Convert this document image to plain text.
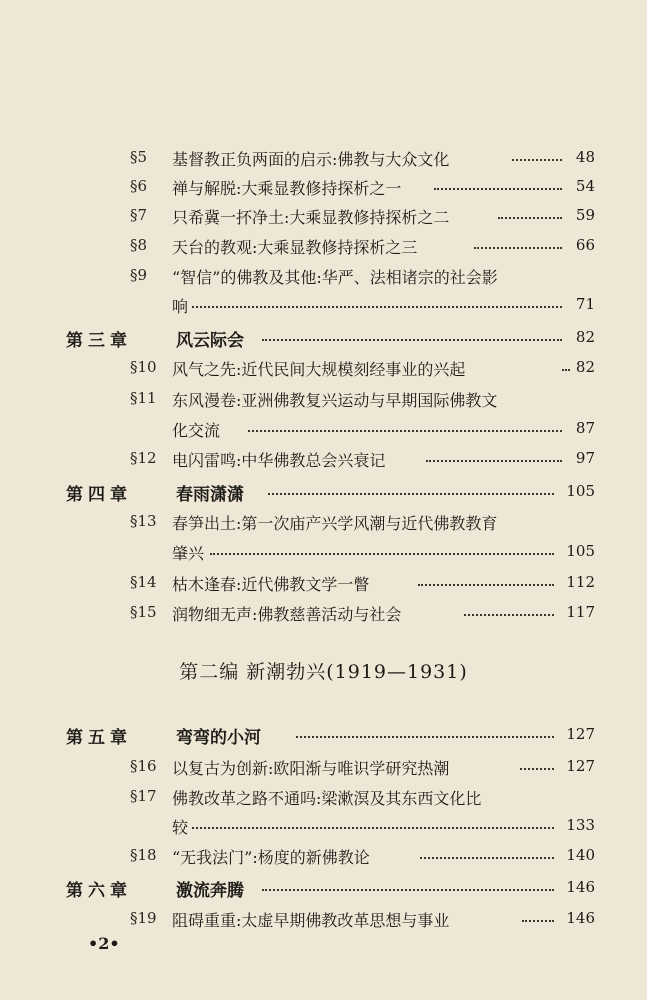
§5 基督教正负两面的启示:佛教与大众文化	48
§6 禅与解脱:大乘显教修持探析之一	54
§7 只希冀一抔净土:大乘显教修持探析之二	59
§8 天台的教观:大乘显教修持探析之三	66
§9 “智信”的佛教及其他:华严、法相诸宗的社会影
响	71
第三章	风云际会	82
§10 风气之先:近代民间大规模刻经事业的兴起	82
§11 东风漫卷:亚洲佛教复兴运动与早期国际佛教文
化交流	87
§12 电闪雷鸣:中华佛教总会兴衰记	97
第四章	春雨潇潇	105
§13 春笋出土:第一次庙产兴学风潮与近代佛教教育
肇兴	105
§14 枯木逢春:近代佛教文学一瞥	112
§15 润物细无声:佛教慈善活动与社会	117
第二编 新潮勃兴(1919—1931)
第五章	弯弯的小河	127
§16 以复古为创新:欧阳渐与唯识学研究热潮	127
§17 佛教改革之路不通吗:梁漱溟及其东西文化比
较	133
§18 “无我法门”:杨度的新佛教论	140
第六章	激流奔腾	146
§19 阻碍重重:太虚早期佛教改革思想与事业	146
•2•
